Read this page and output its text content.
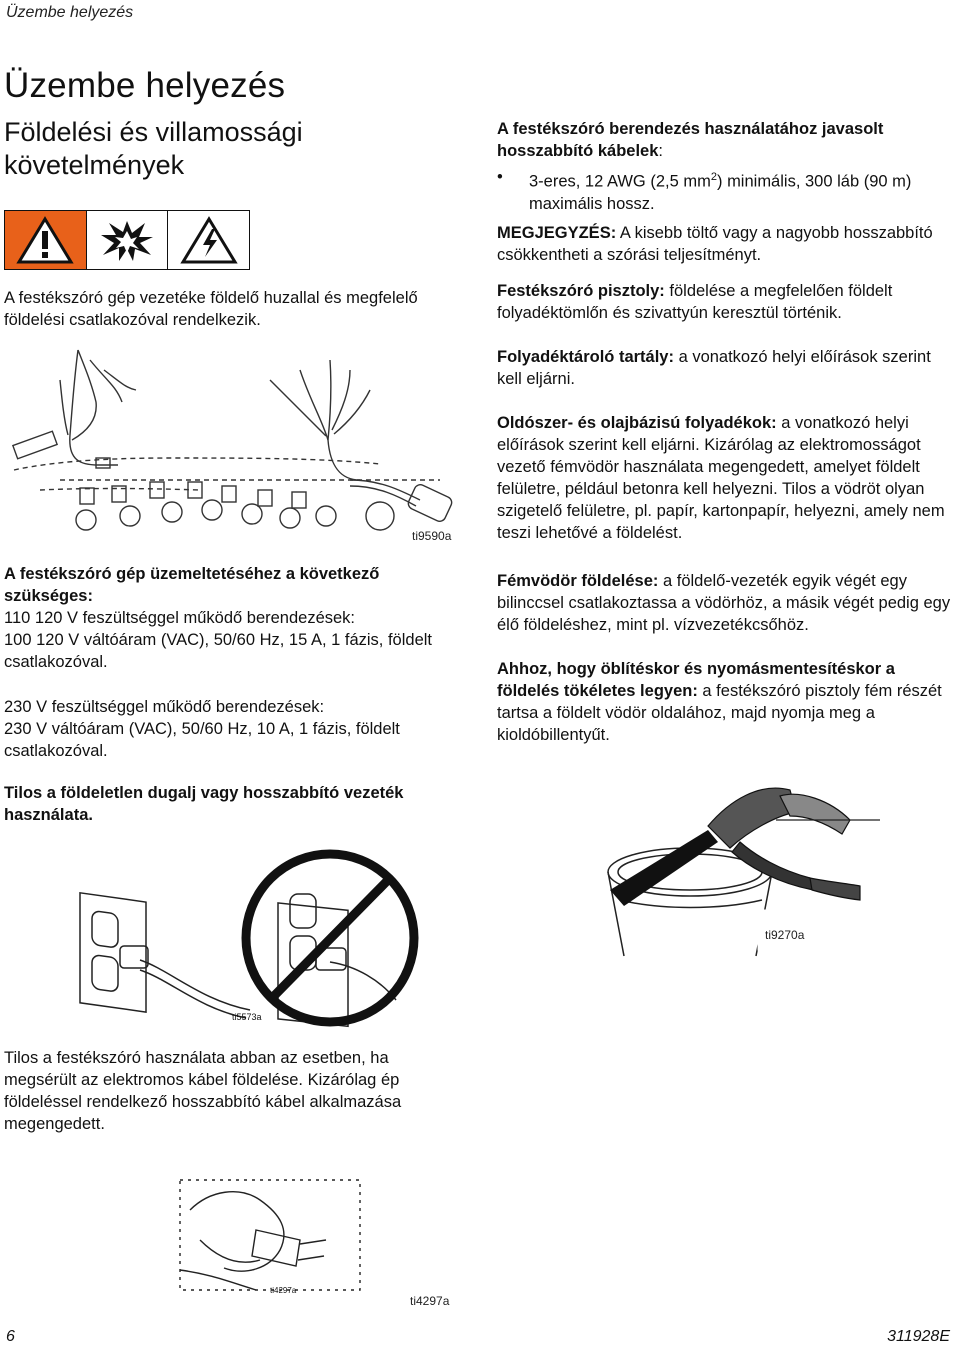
Üzembe helyezés
Üzembe helyezés
Földelési és villamossági követelmények
A festékszóró gép vezetéke földelő huzallal és megfelelő földelési csatlakozóval rendelkezik.
ti9590a
A festékszóró gép üzemeltetéséhez a következő szükséges:
110 120 V feszültséggel működő berendezések:
100 120 V váltóáram (VAC), 50/60 Hz, 15 A, 1 fázis, földelt csatlakozóval.
230 V feszültséggel működő berendezések:
230 V váltóáram (VAC), 50/60 Hz, 10 A, 1 fázis, földelt csatlakozóval.
Tilos a földeletlen dugalj vagy hosszabbító vezeték használata.
ti5573a
Tilos a festékszóró használata abban az esetben, ha megsérült az elektromos kábel földelése. Kizárólag ép földeléssel rendelkező hosszabbító kábel alkalmazása megengedett.
ti4297a
ti4297a
A festékszóró berendezés használatához javasolt hosszabbító kábelek:
• 3-eres, 12 AWG (2,5 $mm^2$) minimális, 300 láb (90 m) maximális hossz.
MEGJEGYZÉS: A kisebb töltő vagy a nagyobb hosszabbító csökkentheti a szórási teljesítményt.
Festékszóró pisztoly: földelése a megfelelően földelt folyadéktömlőn és szivattyún keresztül történik.
Folyadéktároló tartály: a vonatkozó helyi előírások szerint kell eljárni.
Oldószer- és olajbázisú folyadékok: a vonatkozó helyi előírások szerint kell eljárni. Kizárólag az elektromosságot vezető fémvödör használata megengedett, amelyet földelt felületre, például betonra kell helyezni. Tilos a vödröt olyan szigetelő felületre, pl. papír, kartonpapír, helyezni, amely nem teszi lehetővé a földelést.
Fémvödör földelése: a földelő-vezeték egyik végét egy bilinccsel csatlakoztassa a vödörhöz, a másik végét pedig egy élő földeléshez, mint pl. vízvezetékcsőhöz.
Ahhoz, hogy öblítéskor és nyomásmentesítéskor a földelés tökéletes legyen: a festékszóró pisztoly fém részét tartsa a földelt vödör oldalához, majd nyomja meg a kioldóbillentyűt.
ti9270a
6	311928E
